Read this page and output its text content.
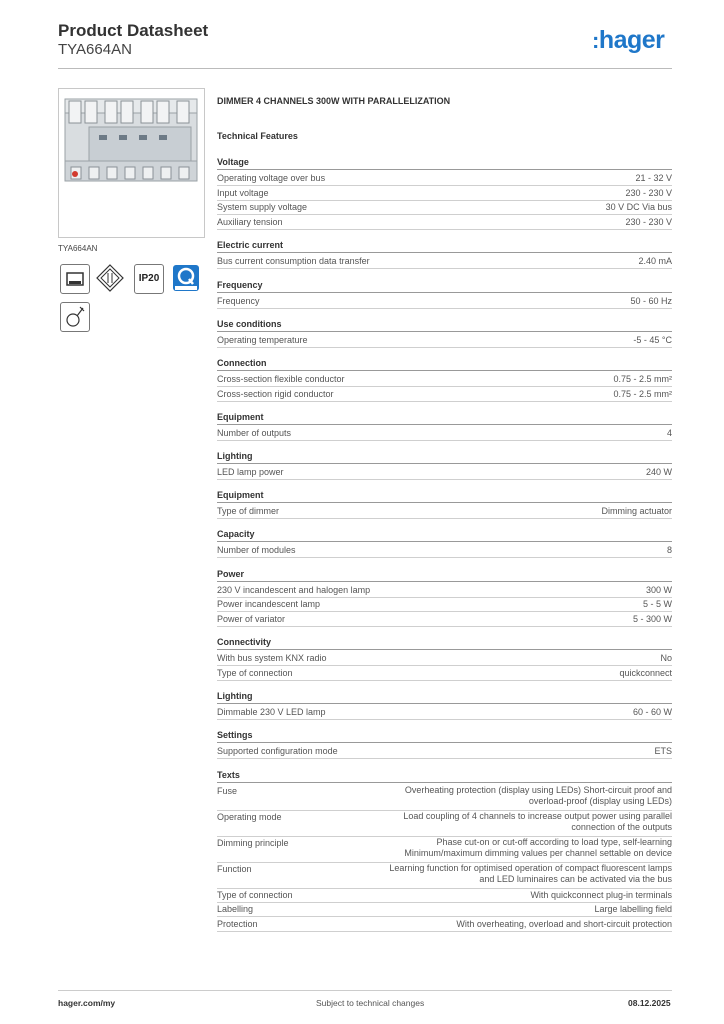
Product Datasheet
TYA664AN	:hager
TYA664AN
IP20
DIMMER 4 CHANNELS 300W WITH PARALLELIZATION
Technical Features
Voltage
Operating voltage over bus	21 - 32 V
Input voltage	230 - 230 V
System supply voltage	30 V DC Via bus
Auxiliary tension	230 - 230 V
Electric current
Bus current consumption data transfer	2.40 mA
Frequency
Frequency	50 - 60 Hz
Use conditions
Operating temperature	-5 - 45 °C
Connection
Cross-section flexible conductor	0.75 - 2.5 mm²
Cross-section rigid conductor	0.75 - 2.5 mm²
Equipment
Number of outputs	4
Lighting
LED lamp power	240 W
Equipment
Type of dimmer	Dimming actuator
Capacity
Number of modules	8
Power
230 V incandescent and halogen lamp	300 W
Power incandescent lamp	5 - 5 W
Power of variator	5 - 300 W
Connectivity
With bus system KNX radio	No
Type of connection	quickconnect
Lighting
Dimmable 230 V LED lamp	60 - 60 W
Settings
Supported configuration mode	ETS
Texts
Fuse	Overheating protection (display using LEDs) Short-circuit proof and overload-proof (display using LEDs)
Operating mode	Load coupling of 4 channels to increase output power using parallel connection of the outputs
Dimming principle	Phase cut-on or cut-off according to load type, self-learning Minimum/maximum dimming values per channel settable on device
Function	Learning function for optimised operation of compact fluorescent lamps and LED luminaires can be activated via the bus
Type of connection	With quickconnect plug-in terminals
Labelling	Large labelling field
Protection	With overheating, overload and short-circuit protection
hager.com/my	Subject to technical changes	08.12.2025
